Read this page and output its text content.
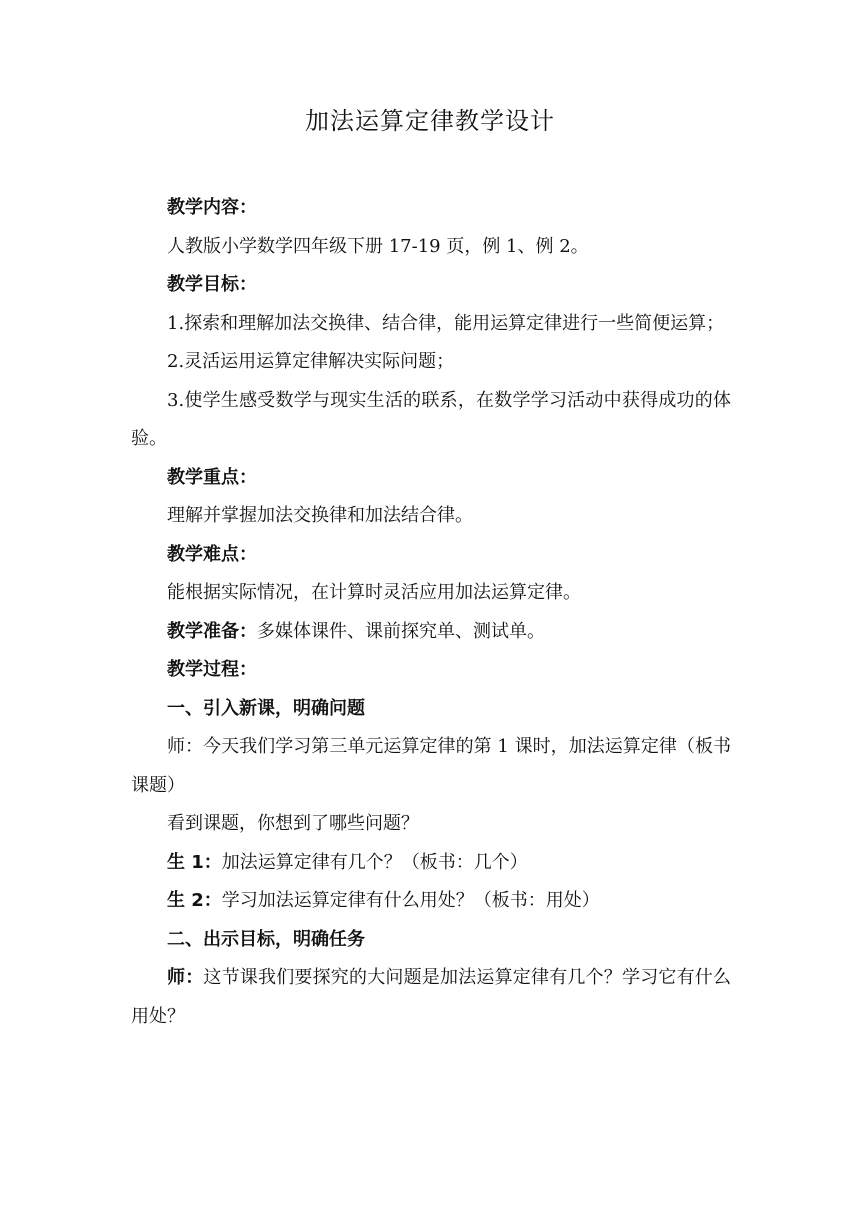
加法运算定律教学设计

教学内容：

人教版小学数学四年级下册 17-19 页，例 1、例 2。

教学目标：

1.探索和理解加法交换律、结合律，能用运算定律进行一些简便运算；

2.灵活运用运算定律解决实际问题；

3.使学生感受数学与现实生活的联系，在数学学习活动中获得成功的体验。

教学重点：

理解并掌握加法交换律和加法结合律。

教学难点：

能根据实际情况，在计算时灵活应用加法运算定律。

教学准备：多媒体课件、课前探究单、测试单。

教学过程：

一、引入新课，明确问题

师：今天我们学习第三单元运算定律的第 1 课时，加法运算定律（板书课题）

看到课题，你想到了哪些问题？

生 1：加法运算定律有几个？（板书：几个）

生 2：学习加法运算定律有什么用处？（板书：用处）

二、出示目标，明确任务

师：这节课我们要探究的大问题是加法运算定律有几个？学习它有什么用处？
